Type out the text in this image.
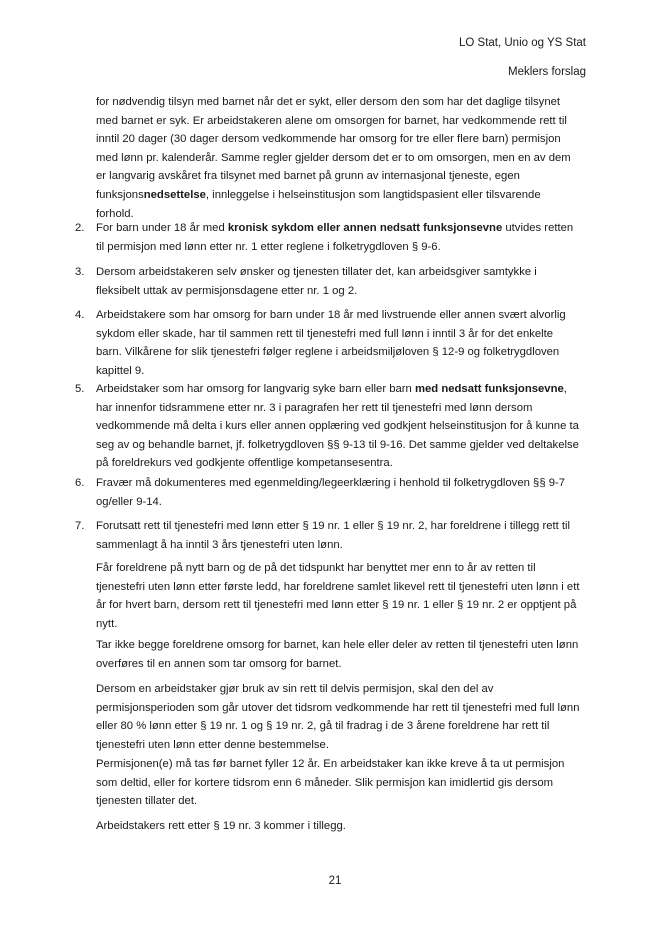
LO Stat, Unio og YS Stat
Meklers forslag

for nødvendig tilsyn med barnet når det er sykt, eller dersom den som har det daglige tilsynet med barnet er syk. Er arbeidstakeren alene om omsorgen for barnet, har vedkommende rett til inntil 20 dager (30 dager dersom vedkommende har omsorg for tre eller flere barn) permisjon med lønn pr. kalenderår. Samme regler gjelder dersom det er to om omsorgen, men en av dem er langvarig avskåret fra tilsynet med barnet på grunn av internasjonal tjeneste, egen funksjonsnedsettelse, innleggelse i helseinstitusjon som langtidspasient eller tilsvarende forhold.

2. For barn under 18 år med kronisk sykdom eller annen nedsatt funksjonsevne utvides retten til permisjon med lønn etter nr. 1 etter reglene i folketrygdloven § 9-6.

3. Dersom arbeidstakeren selv ønsker og tjenesten tillater det, kan arbeidsgiver samtykke i fleksibelt uttak av permisjonsdagene etter nr. 1 og 2.

4. Arbeidstakere som har omsorg for barn under 18 år med livstruende eller annen svært alvorlig sykdom eller skade, har til sammen rett til tjenestefri med full lønn i inntil 3 år for det enkelte barn. Vilkårene for slik tjenestefri følger reglene i arbeidsmiljøloven § 12-9 og folketrygdloven kapittel 9.

5. Arbeidstaker som har omsorg for langvarig syke barn eller barn med nedsatt funksjonsevne, har innenfor tidsrammene etter nr. 3 i paragrafen her rett til tjenestefri med lønn dersom vedkommende må delta i kurs eller annen opplæring ved godkjent helseinstitusjon for å kunne ta seg av og behandle barnet, jf. folketrygdloven §§ 9-13 til 9-16. Det samme gjelder ved deltakelse på foreldrekurs ved godkjente offentlige kompetansesentra.

6. Fravær må dokumenteres med egenmelding/legeerklæring i henhold til folketrygdloven §§ 9-7 og/eller 9-14.

7. Forutsatt rett til tjenestefri med lønn etter § 19 nr. 1 eller § 19 nr. 2, har foreldrene i tillegg rett til sammenlagt å ha inntil 3 års tjenestefri uten lønn.

Får foreldrene på nytt barn og de på det tidspunkt har benyttet mer enn to år av retten til tjenestefri uten lønn etter første ledd, har foreldrene samlet likevel rett til tjenestefri uten lønn i ett år for hvert barn, dersom rett til tjenestefri med lønn etter § 19 nr. 1 eller § 19 nr. 2 er opptjent på nytt.

Tar ikke begge foreldrene omsorg for barnet, kan hele eller deler av retten til tjenestefri uten lønn overføres til en annen som tar omsorg for barnet.

Dersom en arbeidstaker gjør bruk av sin rett til delvis permisjon, skal den del av permisjonsperioden som går utover det tidsrom vedkommende har rett til tjenestefri med full lønn eller 80 % lønn etter § 19 nr. 1 og § 19 nr. 2, gå til fradrag i de 3 årene foreldrene har rett til tjenestefri uten lønn etter denne bestemmelse.

Permisjonen(e) må tas før barnet fyller 12 år. En arbeidstaker kan ikke kreve å ta ut permisjon som deltid, eller for kortere tidsrom enn 6 måneder. Slik permisjon kan imidlertid gis dersom tjenesten tillater det.

Arbeidstakers rett etter § 19 nr. 3 kommer i tillegg.

21
